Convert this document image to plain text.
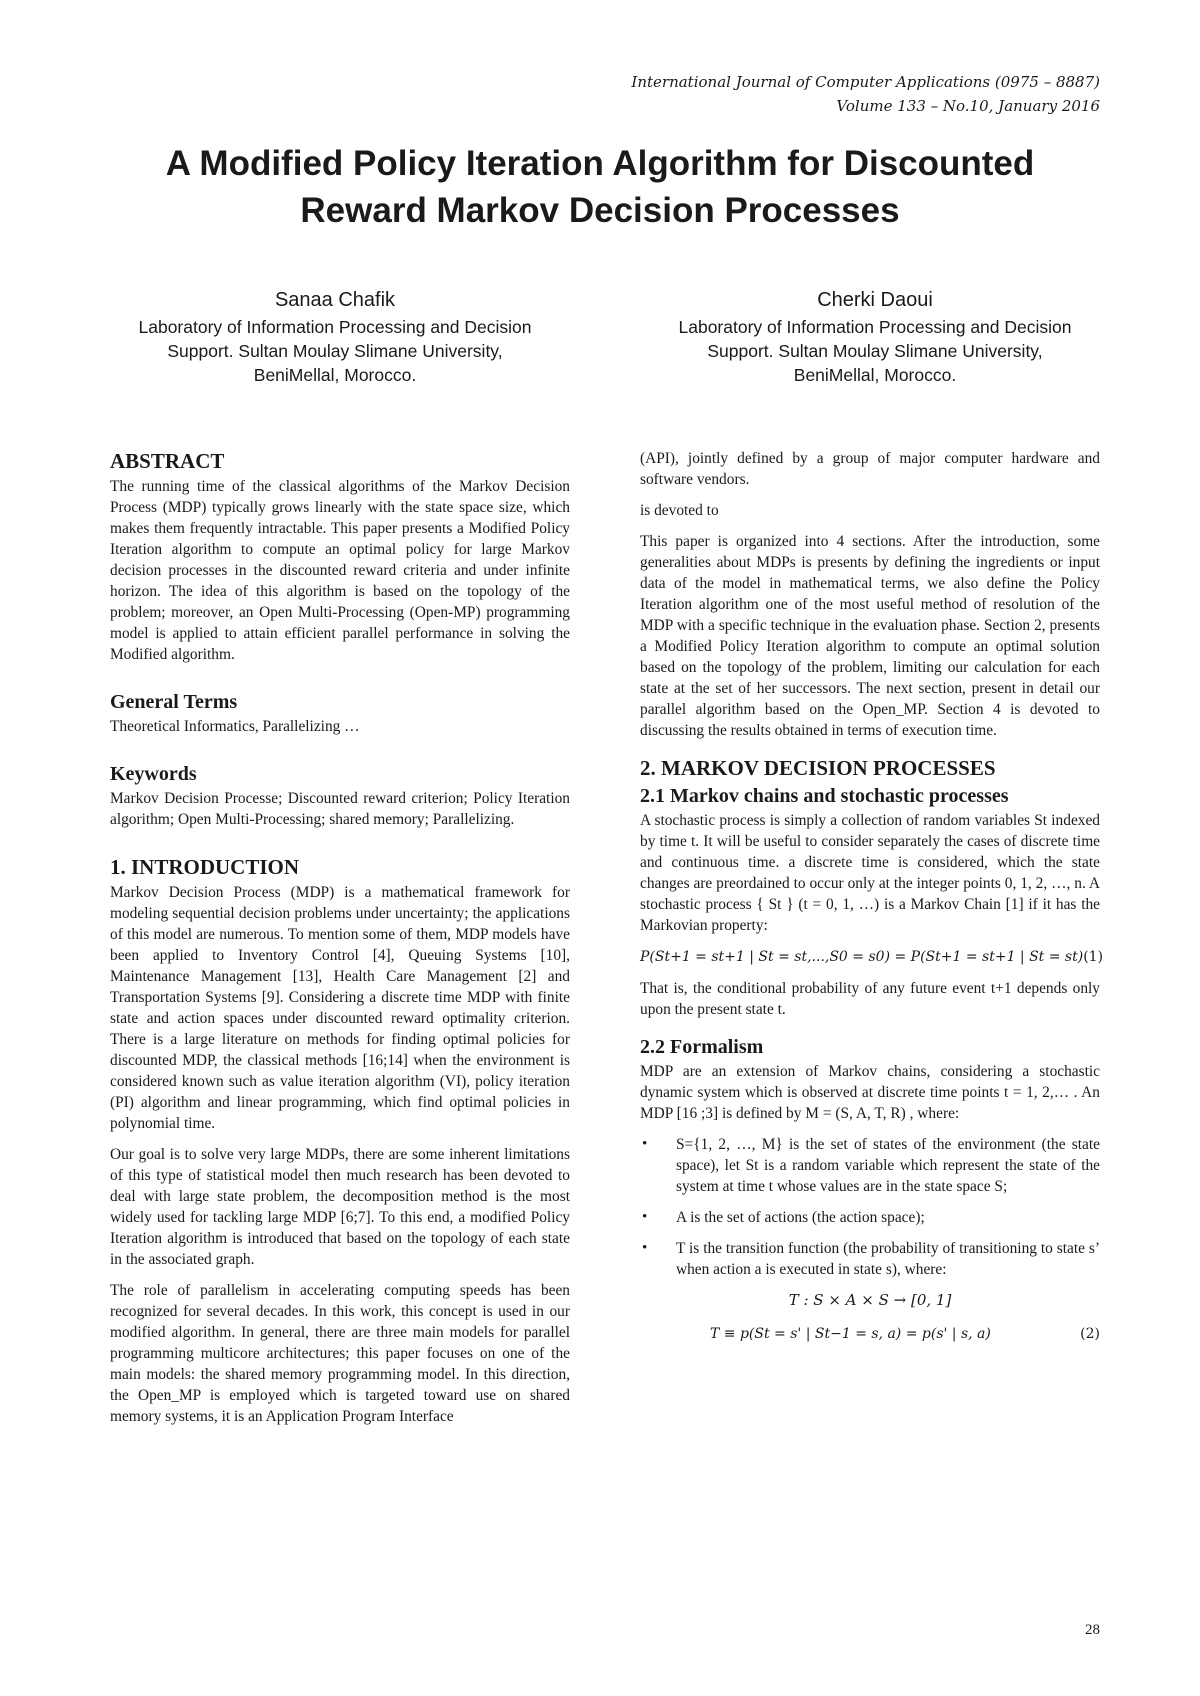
International Journal of Computer Applications (0975 – 8887)
Volume 133 – No.10, January 2016
A Modified Policy Iteration Algorithm for Discounted
Reward Markov Decision Processes
Sanaa Chafik
Laboratory of Information Processing and Decision
Support. Sultan Moulay Slimane University,
BeniMellal, Morocco.
Cherki Daoui
Laboratory of Information Processing and Decision
Support. Sultan Moulay Slimane University,
BeniMellal, Morocco.
ABSTRACT

The running time of the classical algorithms of the Markov Decision Process (MDP) typically grows linearly with the state space size, which makes them frequently intractable. This paper presents a Modified Policy Iteration algorithm to compute an optimal policy for large Markov decision processes in the discounted reward criteria and under infinite horizon. The idea of this algorithm is based on the topology of the problem; moreover, an Open Multi-Processing (Open-MP) programming model is applied to attain efficient parallel performance in solving the Modified algorithm.

General Terms

Theoretical Informatics, Parallelizing …

Keywords

Markov Decision Processe; Discounted reward criterion; Policy Iteration algorithm; Open Multi-Processing; shared memory; Parallelizing.

1. INTRODUCTION

Markov Decision Process (MDP) is a mathematical framework for modeling sequential decision problems under uncertainty; the applications of this model are numerous. To mention some of them, MDP models have been applied to Inventory Control [4], Queuing Systems [10], Maintenance Management [13], Health Care Management [2] and Transportation Systems [9]. Considering a discrete time MDP with finite state and action spaces under discounted reward optimality criterion. There is a large literature on methods for finding optimal policies for discounted MDP, the classical methods [16;14] when the environment is considered known such as value iteration algorithm (VI), policy iteration (PI) algorithm and linear programming, which find optimal policies in polynomial time.

Our goal is to solve very large MDPs, there are some inherent limitations of this type of statistical model then much research has been devoted to deal with large state problem, the decomposition method is the most widely used for tackling large MDP [6;7]. To this end, a modified Policy Iteration algorithm is introduced that based on the topology of each state in the associated graph.

The role of parallelism in accelerating computing speeds has been recognized for several decades. In this work, this concept is used in our modified algorithm. In general, there are three main models for parallel programming multicore architectures; this paper focuses on one of the main models: the shared memory programming model. In this direction, the Open_MP is employed which is targeted toward use on shared memory systems, it is an Application Program Interface

(API), jointly defined by a group of major computer hardware and software vendors.

is devoted to

This paper is organized into 4 sections. After the introduction, some generalities about MDPs is presents by defining the ingredients or input data of the model in mathematical terms, we also define the Policy Iteration algorithm one of the most useful method of resolution of the MDP with a specific technique in the evaluation phase. Section 2, presents a Modified Policy Iteration algorithm to compute an optimal solution based on the topology of the problem, limiting our calculation for each state at the set of her successors. The next section, present in detail our parallel algorithm based on the Open_MP. Section 4 is devoted to discussing the results obtained in terms of execution time.

2. MARKOV DECISION PROCESSES
2.1 Markov chains and stochastic processes

A stochastic process is simply a collection of random variables St indexed by time t. It will be useful to consider separately the cases of discrete time and continuous time. a discrete time is considered, which the state changes are preordained to occur only at the integer points 0, 1, 2, …, n. A stochastic process { St } (t = 0, 1, …) is a Markov Chain [1] if it has the Markovian property:

P(St+1 = st+1 | St = st,...,S0 = s0) = P(St+1 = st+1 | St = st) (1)

That is, the conditional probability of any future event t+1 depends only upon the present state t.

2.2 Formalism

MDP are an extension of Markov chains, considering a stochastic dynamic system which is observed at discrete time points t = 1, 2,… . An MDP [16 ;3] is defined by M = (S, A, T, R) , where:

• S={1, 2, …, M} is the set of states of the environment (the state space), let St is a random variable which represent the state of the system at time t whose values are in the state space S;
• A is the set of actions (the action space);
• T is the transition function (the probability of transitioning to state s’ when action a is executed in state s), where:
T : S × A × S → [0, 1]
T ≡ p(St = s' | St−1 = s, a) = p(s' | s, a)	(2)
28
